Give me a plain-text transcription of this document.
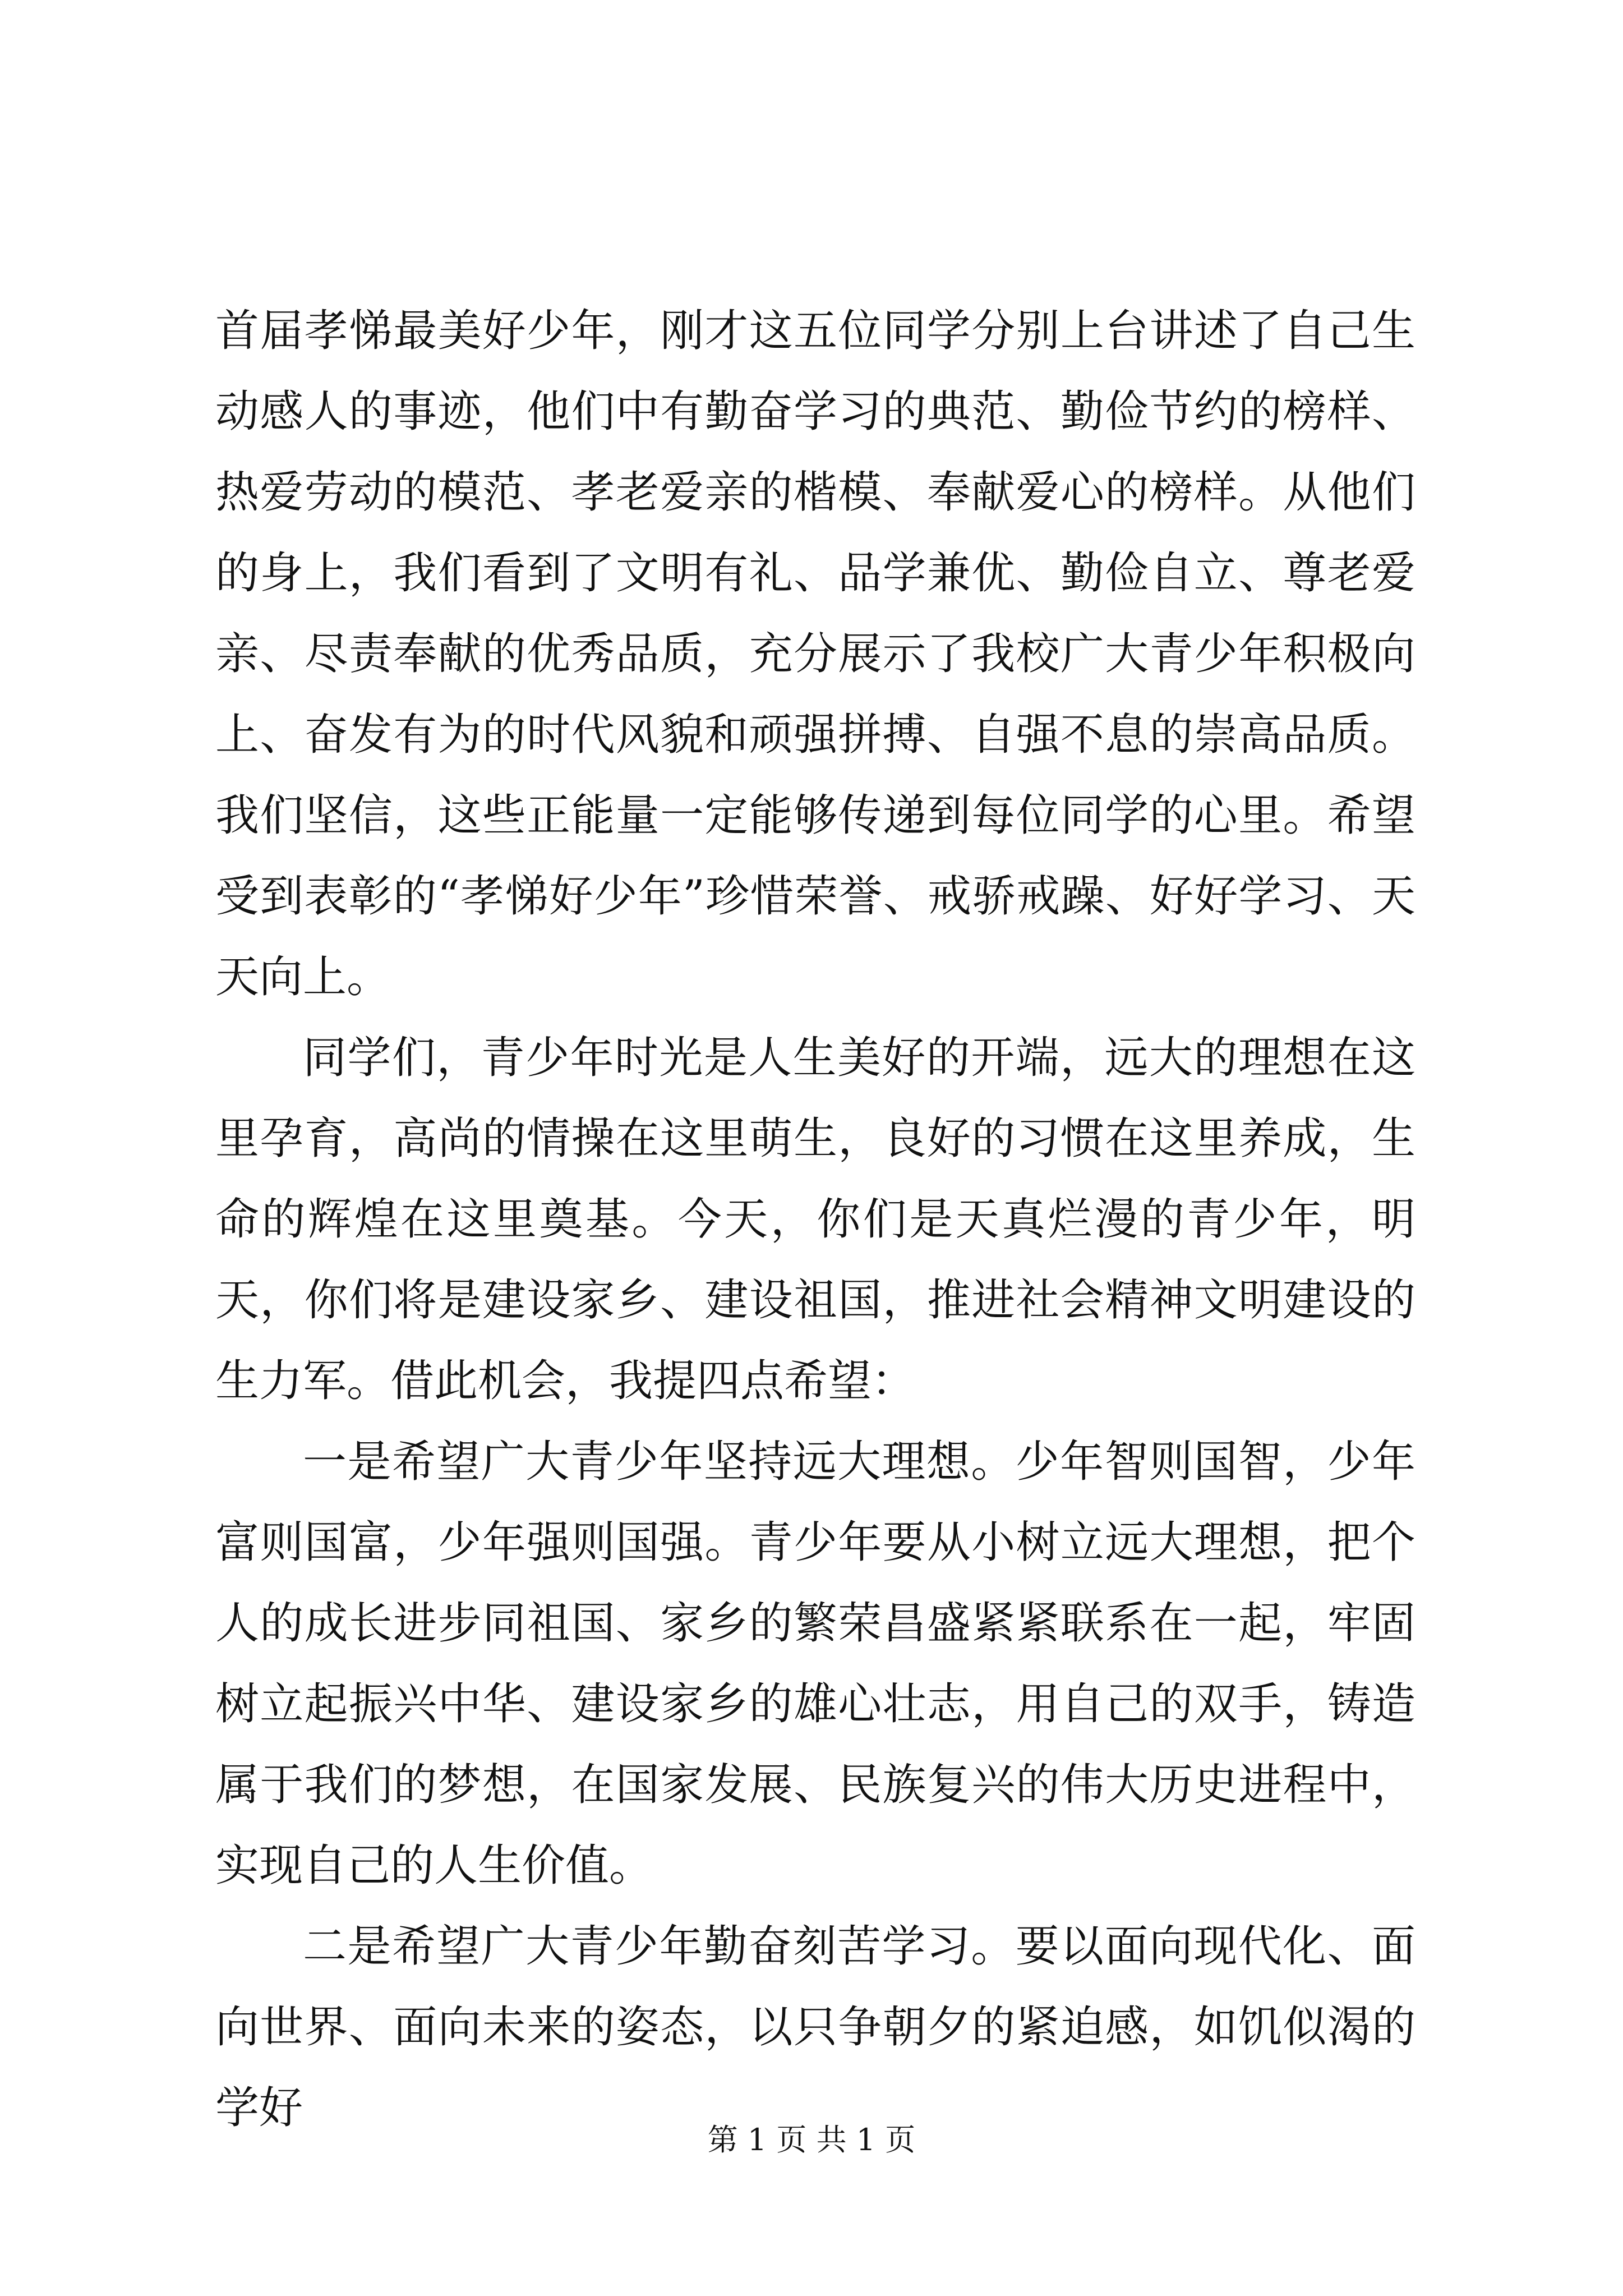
首届孝悌最美好少年，刚才这五位同学分别上台讲述了自己生动感人的事迹，他们中有勤奋学习的典范、勤俭节约的榜样、热爱劳动的模范、孝老爱亲的楷模、奉献爱心的榜样。从他们的身上，我们看到了文明有礼、品学兼优、勤俭自立、尊老爱亲、尽责奉献的优秀品质，充分展示了我校广大青少年积极向上、奋发有为的时代风貌和顽强拼搏、自强不息的崇高品质。我们坚信，这些正能量一定能够传递到每位同学的心里。希望受到表彰的“孝悌好少年”珍惜荣誉、戒骄戒躁、好好学习、天天向上。

同学们，青少年时光是人生美好的开端，远大的理想在这里孕育，高尚的情操在这里萌生，良好的习惯在这里养成，生命的辉煌在这里奠基。今天，你们是天真烂漫的青少年，明天，你们将是建设家乡、建设祖国，推进社会精神文明建设的生力军。借此机会，我提四点希望：

一是希望广大青少年坚持远大理想。少年智则国智，少年富则国富，少年强则国强。青少年要从小树立远大理想，把个人的成长进步同祖国、家乡的繁荣昌盛紧紧联系在一起，牢固树立起振兴中华、建设家乡的雄心壮志，用自己的双手，铸造属于我们的梦想，在国家发展、民族复兴的伟大历史进程中，实现自己的人生价值。

二是希望广大青少年勤奋刻苦学习。要以面向现代化、面向世界、面向未来的姿态，以只争朝夕的紧迫感，如饥似渴的学好

第 1 页 共 1 页
